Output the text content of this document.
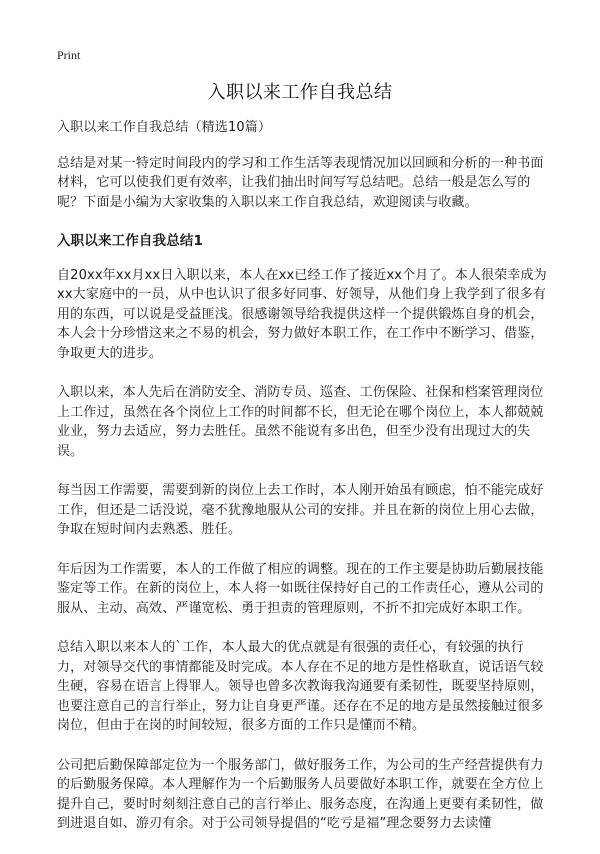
Print
入职以来工作自我总结

入职以来工作自我总结（精选10篇）

总结是对某一特定时间段内的学习和工作生活等表现情况加以回顾和分析的一种书面材料，它可以使我们更有效率，让我们抽出时间写写总结吧。总结一般是怎么写的呢？下面是小编为大家收集的入职以来工作自我总结，欢迎阅读与收藏。

入职以来工作自我总结1

自20xx年xx月xx日入职以来，本人在xx已经工作了接近xx个月了。本人很荣幸成为xx大家庭中的一员，从中也认识了很多好同事、好领导，从他们身上我学到了很多有用的东西，可以说是受益匪浅。很感谢领导给我提供这样一个提供锻炼自身的机会，本人会十分珍惜这来之不易的机会，努力做好本职工作，在工作中不断学习、借鉴，争取更大的进步。

入职以来，本人先后在消防安全、消防专员、巡查、工伤保险、社保和档案管理岗位上工作过，虽然在各个岗位上工作的时间都不长，但无论在哪个岗位上，本人都兢兢业业，努力去适应，努力去胜任。虽然不能说有多出色，但至少没有出现过大的失误。

每当因工作需要，需要到新的岗位上去工作时，本人刚开始虽有顾虑，怕不能完成好工作，但还是二话没说，毫不犹豫地服从公司的安排。并且在新的岗位上用心去做，争取在短时间内去熟悉、胜任。

年后因为工作需要，本人的工作做了相应的调整。现在的工作主要是协助后勤展技能鉴定等工作。在新的岗位上，本人将一如既往保持好自己的工作责任心，遵从公司的服从、主动、高效、严谨宽松、勇于担责的管理原则，不折不扣完成好本职工作。

总结入职以来本人的`工作，本人最大的优点就是有很强的责任心，有较强的执行力，对领导交代的事情都能及时完成。本人存在不足的地方是性格耿直，说话语气较生硬，容易在语言上得罪人。领导也曾多次教诲我沟通要有柔韧性，既要坚持原则，也要注意自己的言行举止，努力让自身更严谨。还存在不足的地方是虽然接触过很多岗位，但由于在岗的时间较短，很多方面的工作只是懂而不精。

公司把后勤保障部定位为一个服务部门，做好服务工作，为公司的生产经营提供有力的后勤服务保障。本人理解作为一个后勤服务人员要做好本职工作，就要在全方位上提升自己，要时时刻刻注意自己的言行举止、服务态度，在沟通上更要有柔韧性，做到进退自如、游刃有余。对于公司领导提倡的“吃亏是福”理念要努力去读懂
